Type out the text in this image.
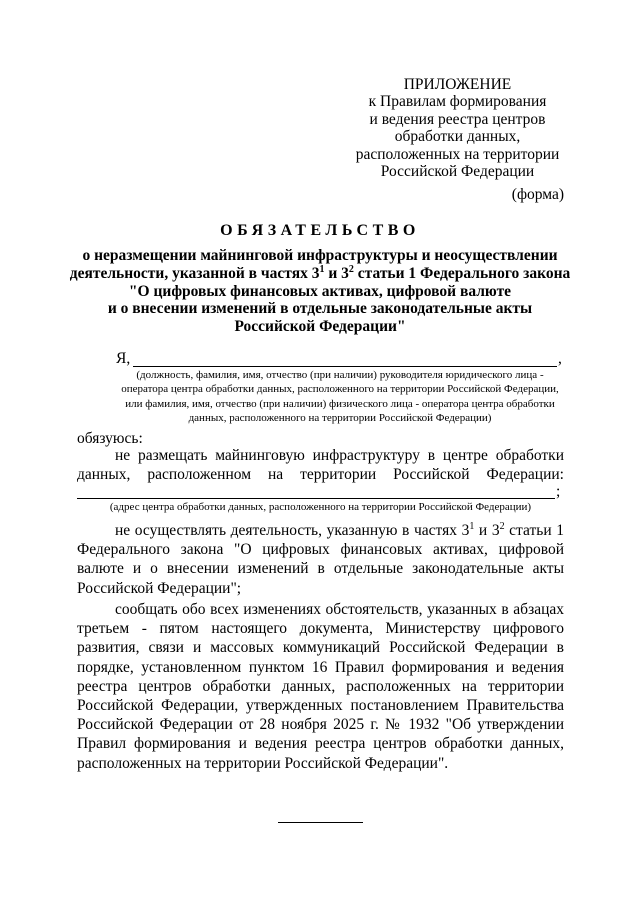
ПРИЛОЖЕНИЕ
к Правилам формирования
и ведения реестра центров
обработки данных,
расположенных на территории
Российской Федерации
(форма)
ОБЯЗАТЕЛЬСТВО
о неразмещении майнинговой инфраструктуры и неосуществлении
деятельности, указанной в частях $3^1$ и $3^2$ статьи 1 Федерального закона
"О цифровых финансовых активах, цифровой валюте
и о внесении изменений в отдельные законодательные акты
Российской Федерации"
Я,	,
(должность, фамилия, имя, отчество (при наличии) руководителя юридического лица -
оператора центра обработки данных, расположенного на территории Российской Федерации,
или фамилия, имя, отчество (при наличии) физического лица - оператора центра обработки
данных, расположенного на территории Российской Федерации)
обязуюсь:
не размещать майнинговую инфраструктуру в центре обработки данных, расположенном на территории Российской Федерации:
;
(адрес центра обработки данных, расположенного на территории Российской Федерации)
не осуществлять деятельность, указанную в частях $3^1$ и $3^2$ статьи 1 Федерального закона "О цифровых финансовых активах, цифровой валюте и о внесении изменений в отдельные законодательные акты Российской Федерации";
сообщать обо всех изменениях обстоятельств, указанных в абзацах третьем - пятом настоящего документа, Министерству цифрового развития, связи и массовых коммуникаций Российской Федерации в порядке, установленном пунктом 16 Правил формирования и ведения реестра центров обработки данных, расположенных на территории Российской Федерации, утвержденных постановлением Правительства Российской Федерации от 28 ноября 2025 г. № 1932 "Об утверждении Правил формирования и ведения реестра центров обработки данных, расположенных на территории Российской Федерации".
